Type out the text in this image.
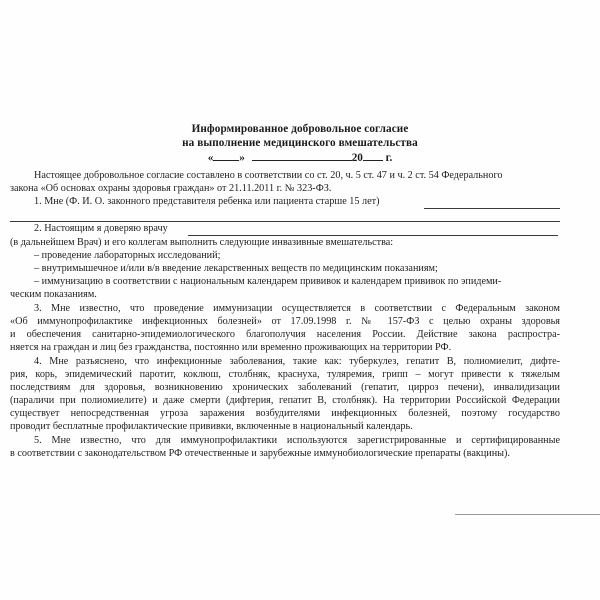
Информированное добровольное согласие
на выполнение медицинского вмешательства
« »	20 г.
Настоящее добровольное согласие составлено в соответствии со ст. 20, ч. 5 ст. 47 и ч. 2 ст. 54 Федерального
закона «Об основах охраны здоровья граждан» от 21.11.2011 г. № 323-ФЗ.
1. Мне (Ф. И. О. законного представителя ребенка или пациента старше 15 лет)
2. Настоящим я доверяю врачу
(в дальнейшем Врач) и его коллегам выполнить следующие инвазивные вмешательства:
– проведение лабораторных исследований;
– внутримышечное и/или в/в введение лекарственных веществ по медицинским показаниям;
– иммунизацию в соответствии с национальным календарем прививок и календарем прививок по эпидеми-
ческим показаниям.
3. Мне известно, что проведение иммунизации осуществляется в соответствии с Федеральным законом
«Об иммунопрофилактике инфекционных болезней» от 17.09.1998 г. № 157-ФЗ с целью охраны здоровья
и обеспечения санитарно-эпидемиологического благополучия населения России. Действие закона распростра-
няется на граждан и лиц без гражданства, постоянно или временно проживающих на территории РФ.
4. Мне разъяснено, что инфекционные заболевания, такие как: туберкулез, гепатит В, полиомиелит, дифте-
рия, корь, эпидемический паротит, коклюш, столбняк, краснуха, туляремия, грипп – могут привести к тяжелым
последствиям для здоровья, возникновению хронических заболеваний (гепатит, цирроз печени), инвалидизации
(параличи при полиомиелите) и даже смерти (дифтерия, гепатит В, столбняк). На территории Российской Федерации
существует непосредственная угроза заражения возбудителями инфекционных болезней, поэтому государство
проводит бесплатные профилактические прививки, включенные в национальный календарь.
5. Мне известно, что для иммунопрофилактики используются зарегистрированные и сертифицированные
в соответствии с законодательством РФ отечественные и зарубежные иммунобиологические препараты (вакцины).
